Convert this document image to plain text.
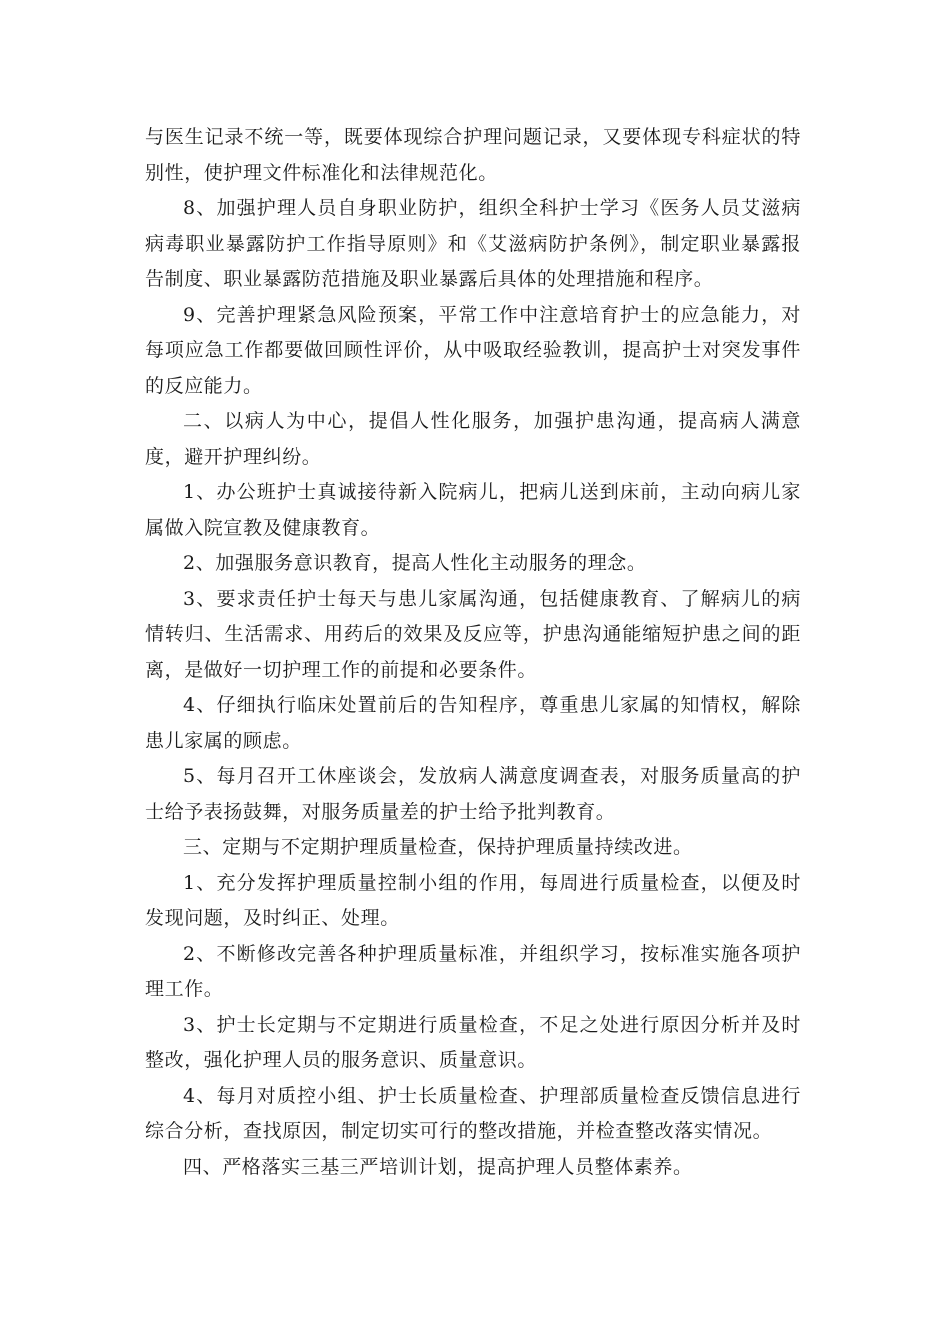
与医生记录不统一等，既要体现综合护理问题记录，又要体现专科症状的特别性，使护理文件标准化和法律规范化。

8、加强护理人员自身职业防护，组织全科护士学习《医务人员艾滋病病毒职业暴露防护工作指导原则》和《艾滋病防护条例》，制定职业暴露报告制度、职业暴露防范措施及职业暴露后具体的处理措施和程序。

9、完善护理紧急风险预案，平常工作中注意培育护士的应急能力，对每项应急工作都要做回顾性评价，从中吸取经验教训，提高护士对突发事件的反应能力。

二、以病人为中心，提倡人性化服务，加强护患沟通，提高病人满意度，避开护理纠纷。

1、办公班护士真诚接待新入院病儿，把病儿送到床前，主动向病儿家属做入院宣教及健康教育。

2、加强服务意识教育，提高人性化主动服务的理念。

3、要求责任护士每天与患儿家属沟通，包括健康教育、了解病儿的病情转归、生活需求、用药后的效果及反应等，护患沟通能缩短护患之间的距离，是做好一切护理工作的前提和必要条件。

4、仔细执行临床处置前后的告知程序，尊重患儿家属的知情权，解除患儿家属的顾虑。

5、每月召开工休座谈会，发放病人满意度调查表，对服务质量高的护士给予表扬鼓舞，对服务质量差的护士给予批判教育。

三、定期与不定期护理质量检查，保持护理质量持续改进。

1、充分发挥护理质量控制小组的作用，每周进行质量检查，以便及时发现问题，及时纠正、处理。

2、不断修改完善各种护理质量标准，并组织学习，按标准实施各项护理工作。

3、护士长定期与不定期进行质量检查，不足之处进行原因分析并及时整改，强化护理人员的服务意识、质量意识。

4、每月对质控小组、护士长质量检查、护理部质量检查反馈信息进行综合分析，查找原因，制定切实可行的整改措施，并检查整改落实情况。

四、严格落实三基三严培训计划，提高护理人员整体素养。
